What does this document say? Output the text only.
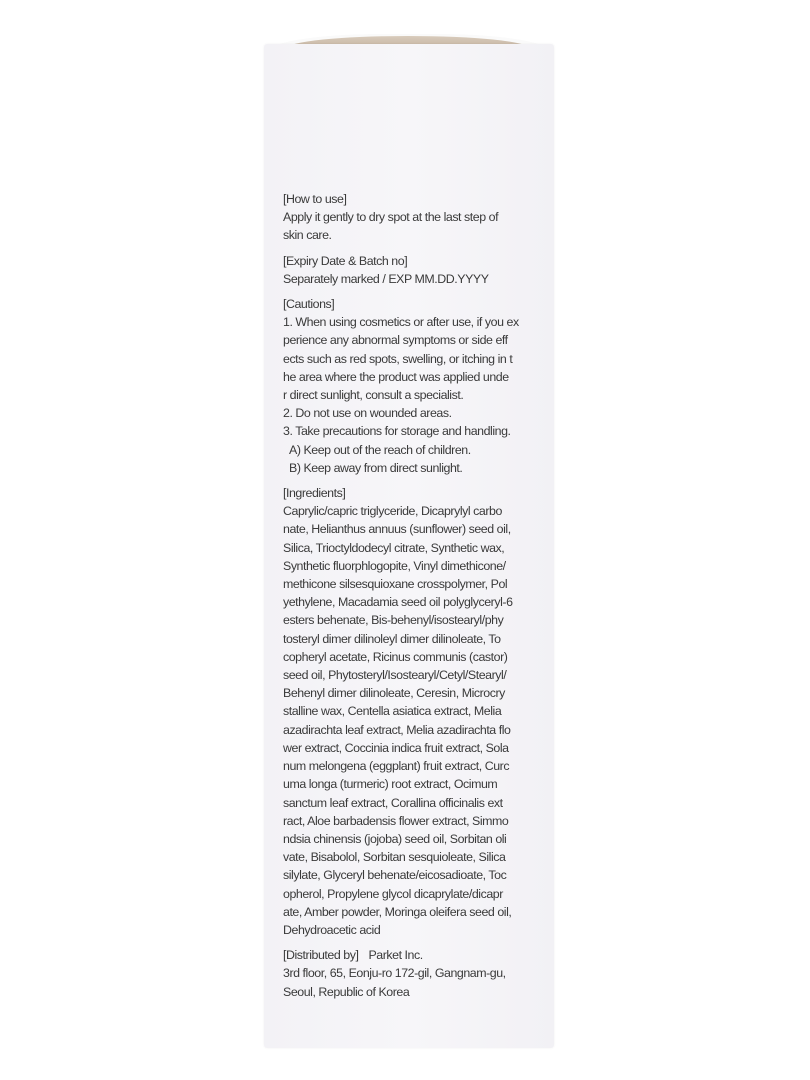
[How to use]
Apply it gently to dry spot at the last step of
skin care.
[Expiry Date & Batch no]
Separately marked / EXP MM.DD.YYYY
[Cautions]
1. When using cosmetics or after use, if you ex
perience any abnormal symptoms or side eff
ects such as red spots, swelling, or itching in t
he area where the product was applied unde
r direct sunlight, consult a specialist.
2. Do not use on wounded areas.
3. Take precautions for storage and handling.
A) Keep out of the reach of children.
B) Keep away from direct sunlight.
[Ingredients]
Caprylic/capric triglyceride, Dicaprylyl carbo
nate, Helianthus annuus (sunflower) seed oil,
Silica, Trioctyldodecyl citrate, Synthetic wax,
Synthetic fluorphlogopite, Vinyl dimethicone/
methicone silsesquioxane crosspolymer, Pol
yethylene, Macadamia seed oil polyglyceryl-6
esters behenate, Bis-behenyl/isostearyl/phy
tosteryl dimer dilinoleyl dimer dilinoleate, To
copheryl acetate, Ricinus communis (castor)
seed oil, Phytosteryl/Isostearyl/Cetyl/Stearyl/
Behenyl dimer dilinoleate, Ceresin, Microcry
stalline wax, Centella asiatica extract, Melia
azadirachta leaf extract, Melia azadirachta flo
wer extract, Coccinia indica fruit extract, Sola
num melongena (eggplant) fruit extract, Curc
uma longa (turmeric) root extract, Ocimum
sanctum leaf extract, Corallina officinalis ext
ract, Aloe barbadensis flower extract, Simmo
ndsia chinensis (jojoba) seed oil, Sorbitan oli
vate, Bisabolol, Sorbitan sesquioleate, Silica
silylate, Glyceryl behenate/eicosadioate, Toc
opherol, Propylene glycol dicaprylate/dicapr
ate, Amber powder, Moringa oleifera seed oil,
Dehydroacetic acid
[Distributed by] Parket Inc.
3rd floor, 65, Eonju-ro 172-gil, Gangnam-gu,
Seoul, Republic of Korea
